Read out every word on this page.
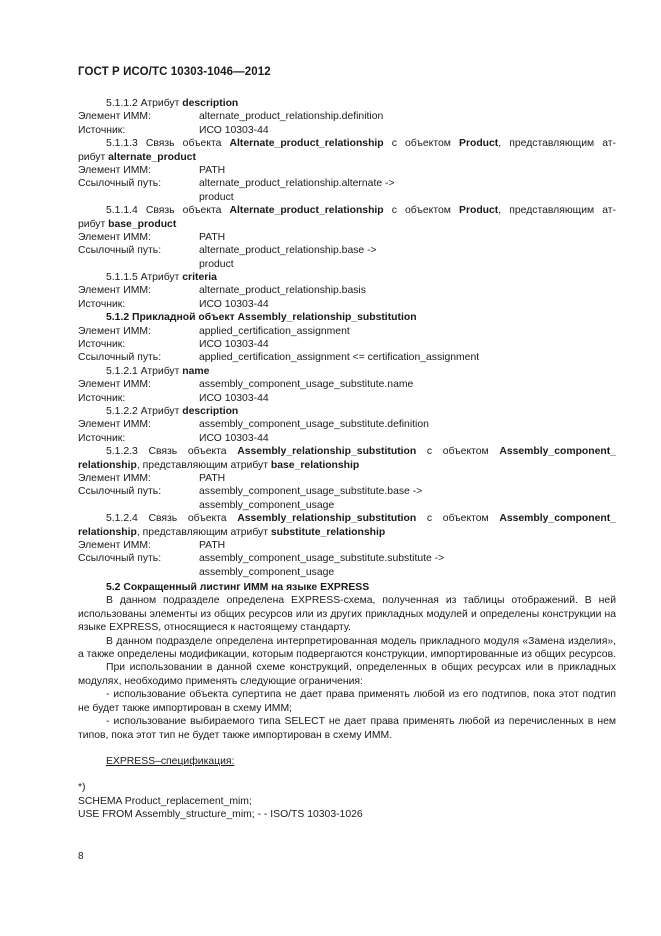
ГОСТ Р ИСО/ТС 10303-1046—2012
5.1.1.2 Атрибут description
Элемент ИММ:	alternate_product_relationship.definition
Источник:	ИСО 10303-44
5.1.1.3 Связь объекта Alternate_product_relationship с объектом Product, представляющим ат-
рибут alternate_product
Элемент ИММ:	PATH
Ссылочный путь:	alternate_product_relationship.alternate ->
product
5.1.1.4 Связь объекта Alternate_product_relationship с объектом Product, представляющим ат-
рибут base_product
Элемент ИММ:	PATH
Ссылочный путь:	alternate_product_relationship.base ->
product
5.1.1.5 Атрибут criteria
Элемент ИММ:	alternate_product_relationship.basis
Источник:	ИСО 10303-44
5.1.2 Прикладной объект Assembly_relationship_substitution
Элемент ИММ:	applied_certification_assignment
Источник:	ИСО 10303-44
Ссылочный путь:	applied_certification_assignment <= certification_assignment
5.1.2.1 Атрибут name
Элемент ИММ:	assembly_component_usage_substitute.name
Источник:	ИСО 10303-44
5.1.2.2 Атрибут description
Элемент ИММ:	assembly_component_usage_substitute.definition
Источник:	ИСО 10303-44
5.1.2.3 Связь объекта Assembly_relationship_substitution с объектом Assembly_component_
relationship, представляющим атрибут base_relationship
Элемент ИММ:	PATH
Ссылочный путь:	assembly_component_usage_substitute.base ->
assembly_component_usage
5.1.2.4 Связь объекта Assembly_relationship_substitution с объектом Assembly_component_
relationship, представляющим атрибут substitute_relationship
Элемент ИММ:	PATH
Ссылочный путь:	assembly_component_usage_substitute.substitute ->
assembly_component_usage
5.2 Сокращенный листинг ИММ на языке EXPRESS
В данном подразделе определена EXPRESS-схема, полученная из таблицы отображений. В ней использованы элементы из общих ресурсов или из других прикладных модулей и определены конструкции на языке EXPRESS, относящиеся к настоящему стандарту.
В данном подразделе определена интерпретированная модель прикладного модуля «Замена изделия», а также определены модификации, которым подвергаются конструкции, импортированные из общих ресурсов.
При использовании в данной схеме конструкций, определенных в общих ресурсах или в прикладных модулях, необходимо применять следующие ограничения:
- использование объекта супертипа не дает права применять любой из его подтипов, пока этот подтип не будет также импортирован в схему ИММ;
- использование выбираемого типа SELECT не дает права применять любой из перечисленных в нем типов, пока этот тип не будет также импортирован в схему ИММ.
EXPRESS–спецификация:
*)
SCHEMA Product_replacement_mim;
USE FROM Assembly_structure_mim; - - ISO/TS 10303-1026
8
